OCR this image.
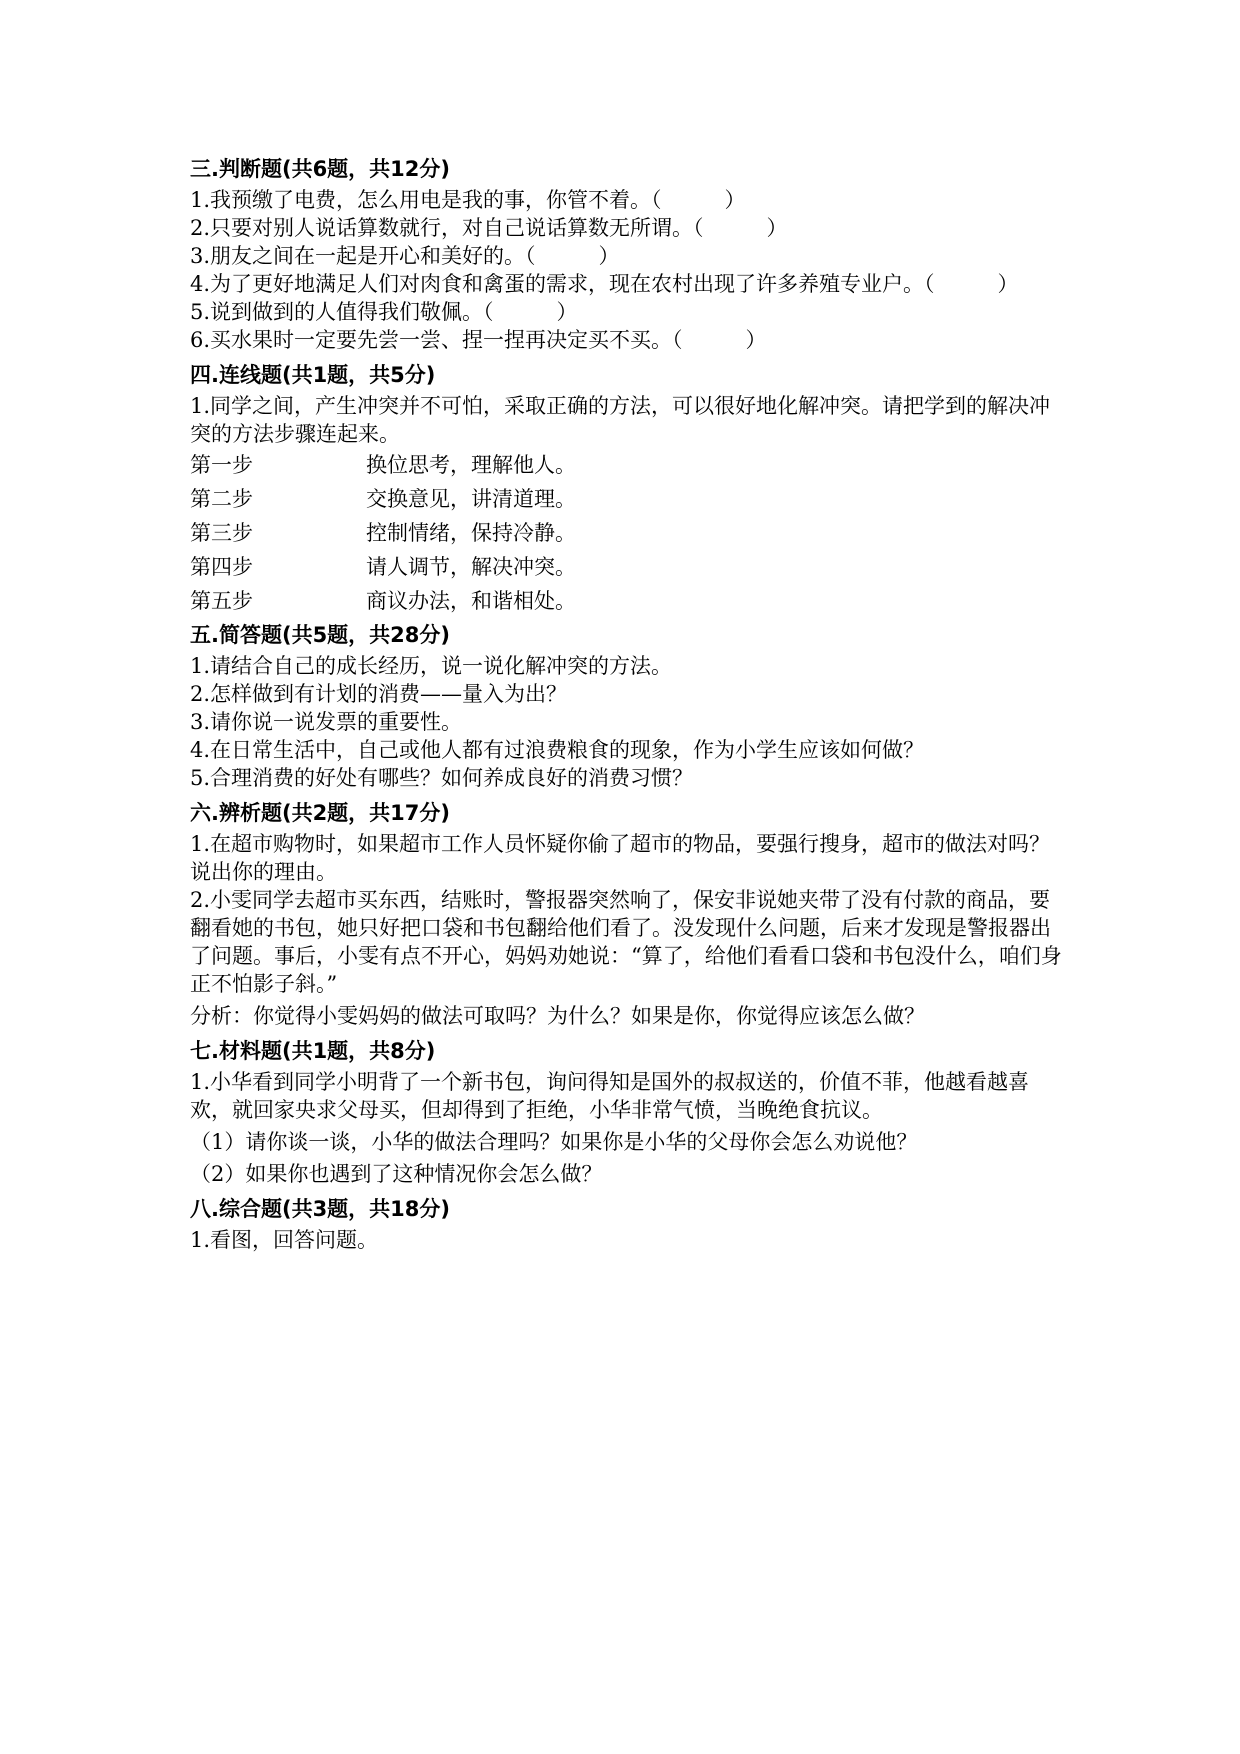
三.判断题(共6题，共12分)
1.我预缴了电费，怎么用电是我的事，你管不着。（　　　）
2.只要对别人说话算数就行，对自己说话算数无所谓。（　　　）
3.朋友之间在一起是开心和美好的。（　　　）
4.为了更好地满足人们对肉食和禽蛋的需求，现在农村出现了许多养殖专业户。（　　　）
5.说到做到的人值得我们敬佩。（　　　）
6.买水果时一定要先尝一尝、捏一捏再决定买不买。（　　　）
四.连线题(共1题，共5分)
1.同学之间，产生冲突并不可怕，采取正确的方法，可以很好地化解冲突。请把学到的解决冲突的方法步骤连起来。
第一步	换位思考，理解他人。
第二步	交换意见，讲清道理。
第三步	控制情绪，保持冷静。
第四步	请人调节，解决冲突。
第五步	商议办法，和谐相处。
五.简答题(共5题，共28分)
1.请结合自己的成长经历，说一说化解冲突的方法。
2.怎样做到有计划的消费——量入为出？
3.请你说一说发票的重要性。
4.在日常生活中，自己或他人都有过浪费粮食的现象，作为小学生应该如何做？
5.合理消费的好处有哪些？如何养成良好的消费习惯？
六.辨析题(共2题，共17分)
1.在超市购物时，如果超市工作人员怀疑你偷了超市的物品，要强行搜身，超市的做法对吗？说出你的理由。
2.小雯同学去超市买东西，结账时，警报器突然响了，保安非说她夹带了没有付款的商品，要翻看她的书包，她只好把口袋和书包翻给他们看了。没发现什么问题，后来才发现是警报器出了问题。事后，小雯有点不开心，妈妈劝她说：“算了，给他们看看口袋和书包没什么，咱们身正不怕影子斜。”
分析：你觉得小雯妈妈的做法可取吗？为什么？如果是你，你觉得应该怎么做？
七.材料题(共1题，共8分)
1.小华看到同学小明背了一个新书包，询问得知是国外的叔叔送的，价值不菲，他越看越喜欢，就回家央求父母买，但却得到了拒绝，小华非常气愤，当晚绝食抗议。
（1）请你谈一谈，小华的做法合理吗？如果你是小华的父母你会怎么劝说他？
（2）如果你也遇到了这种情况你会怎么做？
八.综合题(共3题，共18分)
1.看图，回答问题。
